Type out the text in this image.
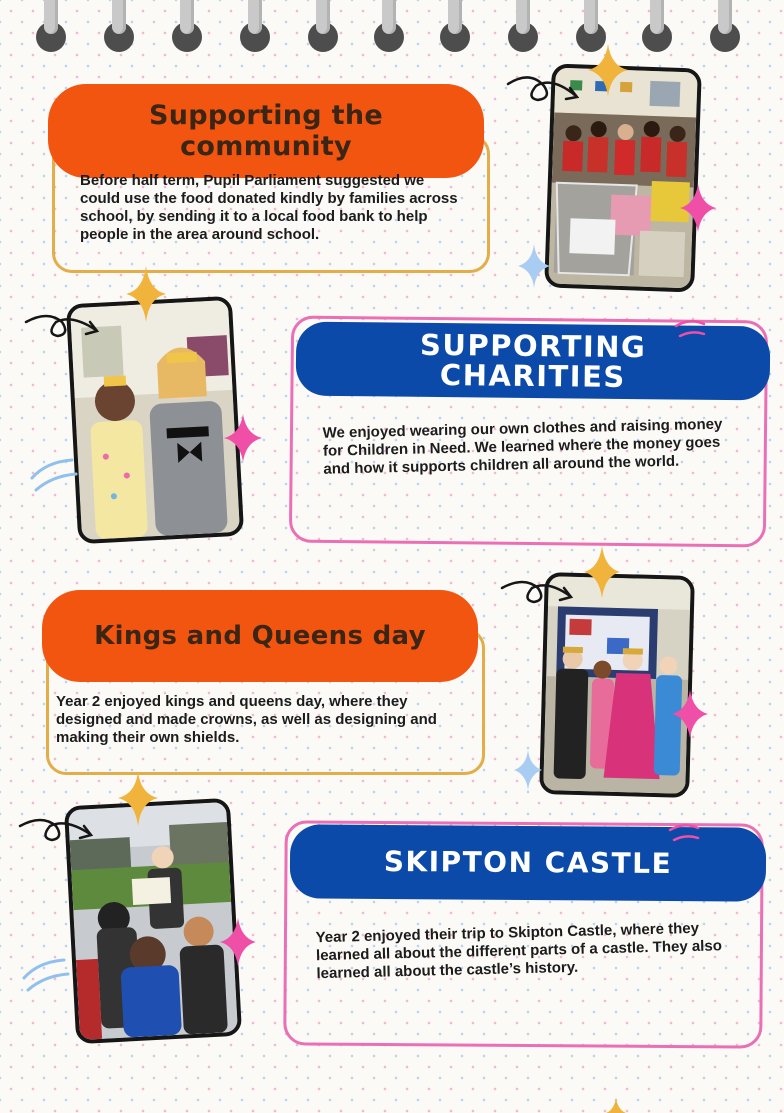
Supporting the community
Before half term, Pupil Parliament suggested we could use the food donated kindly by families across school, by sending it to a local food bank to help people in the area around school.
SUPPORTING CHARITIES
We enjoyed wearing our own clothes and raising money for Children in Need. We learned where the money goes and how it supports children all around the world.
Kings and Queens day
Year 2 enjoyed kings and queens day, where they designed and made crowns, as well as designing and making their own shields.
SKIPTON CASTLE
Year 2 enjoyed their trip to Skipton Castle, where they learned all about the different parts of a castle. They also learned all about the castle’s history.
